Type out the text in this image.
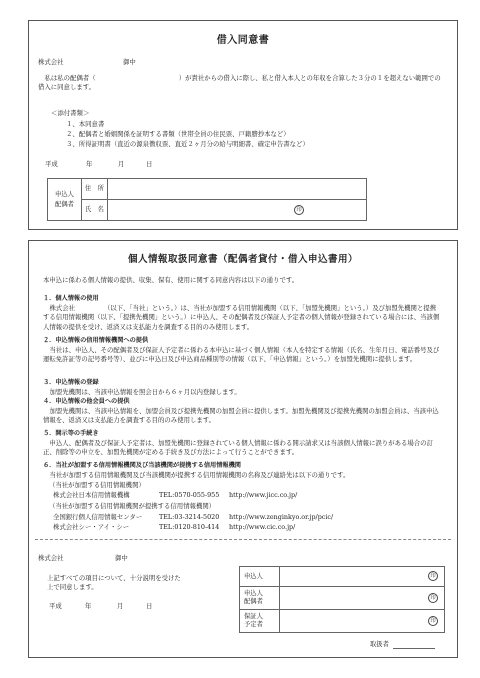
借入同意書
株式会社	御中
私は私の配偶者（　　　　　　　　　　　　　）が貴社からの借入に際し、私と借入本人との年収を合算した３分の１を超えない範囲での借入に同意します。
＜添付書類＞
１、本同意書
２、配偶者と婚姻関係を証明する書類（世帯全員の住民票、戸籍謄抄本など）
３、所得証明書（直近の源泉徴収票、直近２ヶ月分の給与明細書、確定申告書など）
平成	年	月	日
申込人
配偶者	住　所	
	氏　名	印
個人情報取扱同意書（配偶者貸付・借入申込書用）
本申込に係わる個人情報の提供、収集、保有、使用に関する同意内容は以下の通りです。
１．個人情報の使用
株式会社　　　　　（以下、「当社」という。）は、当社が加盟する信用情報機関（以下、「加盟先機関」という。）及び加盟先機関と提携する信用情報機関（以下、「提携先機関」という。）に申込人、その配偶者及び保証人予定者の個人情報が登録されている場合には、当該個人情報の提供を受け、返済又は支払能力を調査する目的のみ使用します。
２．申込情報の信用情報機関への提供
当社は、申込人、その配偶者及び保証人予定者に係わる本申込に基づく個人情報（本人を特定する情報（氏名、生年月日、電話番号及び運転免許証等の記号番号等）、並びに申込日及び申込商品種別等の情報（以下、「申込情報」という。）を加盟先機関に提供します。
３．申込情報の登録
加盟先機関は、当該申込情報を照会日から６ヶ月以内登録します。
４．申込情報の他会員への提供
加盟先機関は、当該申込情報を、加盟会員及び提携先機関の加盟会員に提供します。加盟先機関及び提携先機関の加盟会員は、当該申込情報を、返済又は支払能力を調査する目的のみ使用します。
５．開示等の手続き
申込人、配偶者及び保証人予定者は、加盟先機関に登録されている個人情報に係わる開示請求又は当該個人情報に誤りがある場合の訂正、削除等の申立を、加盟先機関が定める手続き及び方法によって行うことができます。
６．当社が加盟する信用情報機関及び当該機関が提携する信用情報機関
当社が加盟する信用情報機関及び当該機関が提携する信用情報機関の名称及び連絡先は以下の通りです。
（当社が加盟する信用情報機関）
株式会社日本信用情報機構	TEL:0570-055-955 http://www.jicc.co.jp/
（当社が加盟する信用情報機関が提携する信用情報機関）
全国銀行個人信用情報センター	TEL:03-3214-5020 http://www.zenginkyo.or.jp/pcic/
株式会社シー・アイ・シー	TEL:0120-810-414 http://www.cic.co.jp/
株式会社	御中
上記すべての項目について、十分説明を受けた上で同意します。
平成	年	月	日
申込人	印

申込人
配偶者	印

保証人
予定者	印
取扱者
